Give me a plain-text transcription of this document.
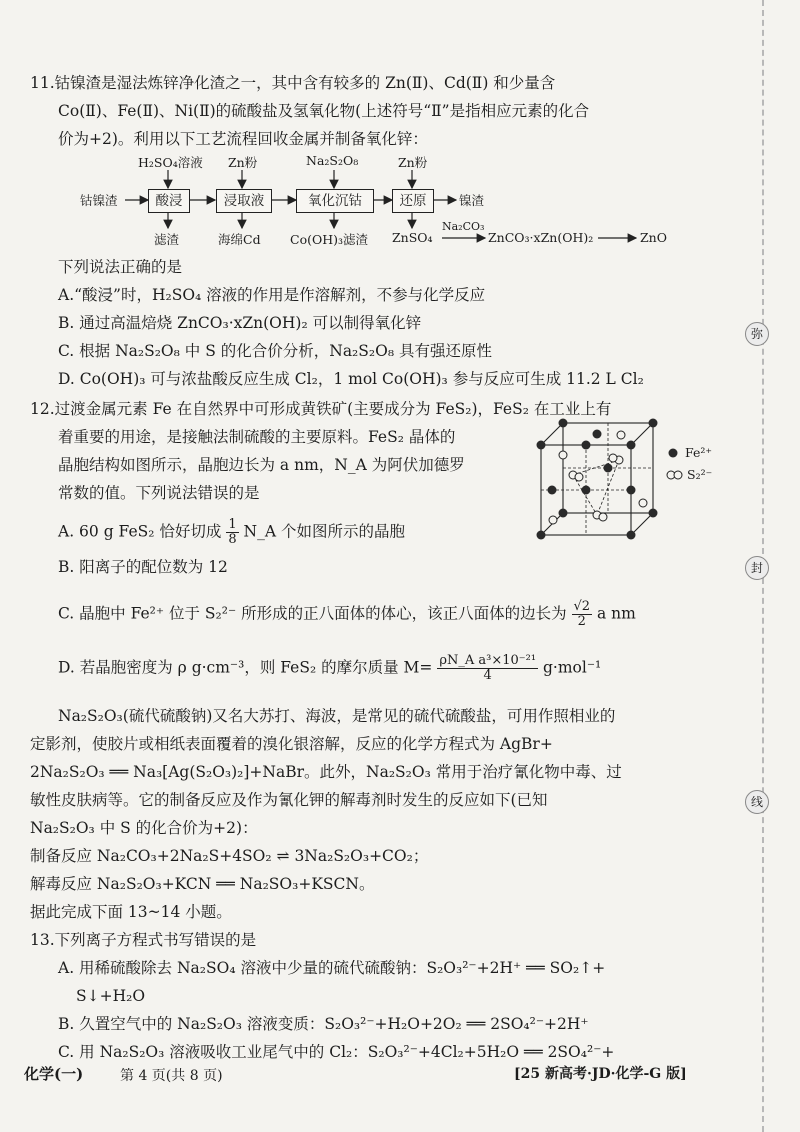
弥
封
线
11.钴镍渣是湿法炼锌净化渣之一，其中含有较多的 Zn(Ⅱ)、Cd(Ⅱ) 和少量含
Co(Ⅱ)、Fe(Ⅱ)、Ni(Ⅱ)的硫酸盐及氢氧化物(上述符号“Ⅱ”是指相应元素的化合
价为+2)。利用以下工艺流程回收金属并制备氧化锌：
钴镍渣	酸浸	浸取液	氧化沉钴	还原	镍渣
H₂SO₄溶液 Zn粉	Na₂S₂O₈	Zn粉
滤渣	海绵Cd Co(OH)₃滤渣 ZnSO₄
Na₂CO₃
ZnCO₃·xZn(OH)₂	ZnO
下列说法正确的是
A.“酸浸”时，H₂SO₄ 溶液的作用是作溶解剂，不参与化学反应
B. 通过高温焙烧 ZnCO₃·xZn(OH)₂ 可以制得氧化锌
C. 根据 Na₂S₂O₈ 中 S 的化合价分析，Na₂S₂O₈ 具有强还原性
D. Co(OH)₃ 可与浓盐酸反应生成 Cl₂，1 mol Co(OH)₃ 参与反应可生成 11.2 L Cl₂
12.过渡金属元素 Fe 在自然界中可形成黄铁矿(主要成分为 FeS₂)，FeS₂ 在工业上有
着重要的用途，是接触法制硫酸的主要原料。FeS₂ 晶体的
晶胞结构如图所示，晶胞边长为 a nm，N_A 为阿伏加德罗
常数的值。下列说法错误的是
Fe²⁺
S₂²⁻
A. 60 g FeS₂ 恰好切成 $\frac{1}{8}$ N_A 个如图所示的晶胞
B. 阳离子的配位数为 12
C. 晶胞中 Fe²⁺ 位于 S₂²⁻ 所形成的正八面体的体心，该正八面体的边长为 $\frac{√2}{2}$ a nm
D. 若晶胞密度为 ρ g·cm⁻³，则 FeS₂ 的摩尔质量 $M= \frac{\text{ρN\_A a³×10⁻²¹}}{4} g\cdot mol^{-1}$
Na₂S₂O₃(硫代硫酸钠)又名大苏打、海波，是常见的硫代硫酸盐，可用作照相业的
定影剂，使胶片或相纸表面覆着的溴化银溶解，反应的化学方程式为 AgBr+
2Na₂S₂O₃ ══ Na₃[Ag(S₂O₃)₂]+NaBr。此外，Na₂S₂O₃ 常用于治疗氰化物中毒、过
敏性皮肤病等。它的制备反应及作为氰化钾的解毒剂时发生的反应如下(已知
Na₂S₂O₃ 中 S 的化合价为+2)：
制备反应 Na₂CO₃+2Na₂S+4SO₂ ⇌ 3Na₂S₂O₃+CO₂；
解毒反应 Na₂S₂O₃+KCN ══ Na₂SO₃+KSCN。
据此完成下面 13~14 小题。
13.下列离子方程式书写错误的是
A. 用稀硫酸除去 Na₂SO₄ 溶液中少量的硫代硫酸钠：S₂O₃²⁻+2H⁺ ══ SO₂↑+
S↓+H₂O
B. 久置空气中的 Na₂S₂O₃ 溶液变质：S₂O₃²⁻+H₂O+2O₂ ══ 2SO₄²⁻+2H⁺
C. 用 Na₂S₂O₃ 溶液吸收工业尾气中的 Cl₂：S₂O₃²⁻+4Cl₂+5H₂O ══ 2SO₄²⁻+
化学(一)	第 4 页(共 8 页)	[25 新高考·JD·化学-G 版]
